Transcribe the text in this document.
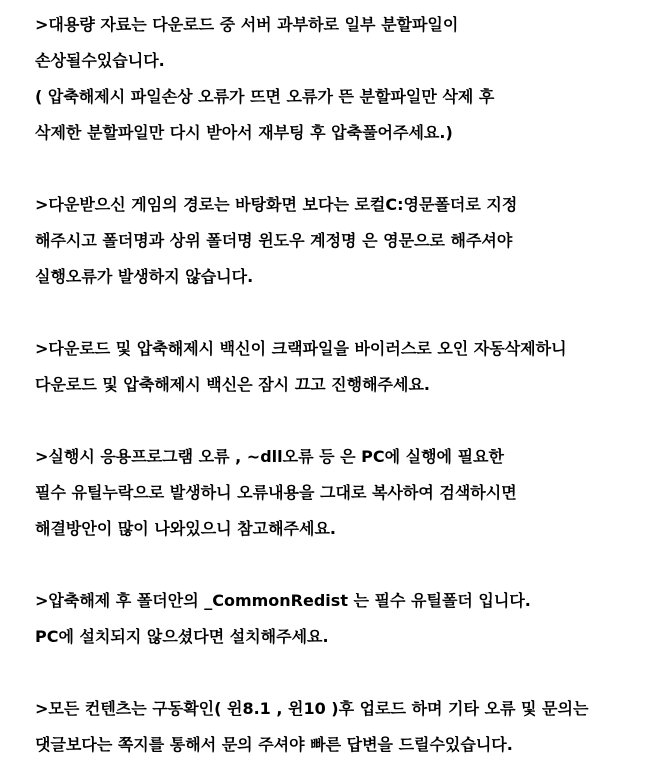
>대용량 자료는 다운로드 중 서버 과부하로 일부 분할파일이
손상될수있습니다.
( 압축해제시 파일손상 오류가 뜨면 오류가 뜬 분할파일만 삭제 후
삭제한 분할파일만 다시 받아서 재부팅 후 압축풀어주세요.)
>다운받으신 게임의 경로는 바탕화면 보다는 로컬C:영문폴더로 지정
해주시고 폴더명과 상위 폴더명 윈도우 계정명 은 영문으로 해주셔야
실행오류가 발생하지 않습니다.
>다운로드 및 압축해제시 백신이 크랙파일을 바이러스로 오인 자동삭제하니
다운로드 및 압축해제시 백신은 잠시 끄고 진행해주세요.
>실행시 응용프로그램 오류 , ~dll오류 등 은 PC에 실행에 필요한
필수 유틸누락으로 발생하니 오류내용을 그대로 복사하여 검색하시면
해결방안이 많이 나와있으니 참고해주세요.
>압축해제 후 폴더안의 _CommonRedist 는 필수 유틸폴더 입니다.
PC에 설치되지 않으셨다면 설치해주세요.
>모든 컨텐츠는 구동확인( 윈8.1 , 윈10 )후 업로드 하며 기타 오류 및 문의는
댓글보다는 쪽지를 통해서 문의 주셔야 빠른 답변을 드릴수있습니다.
